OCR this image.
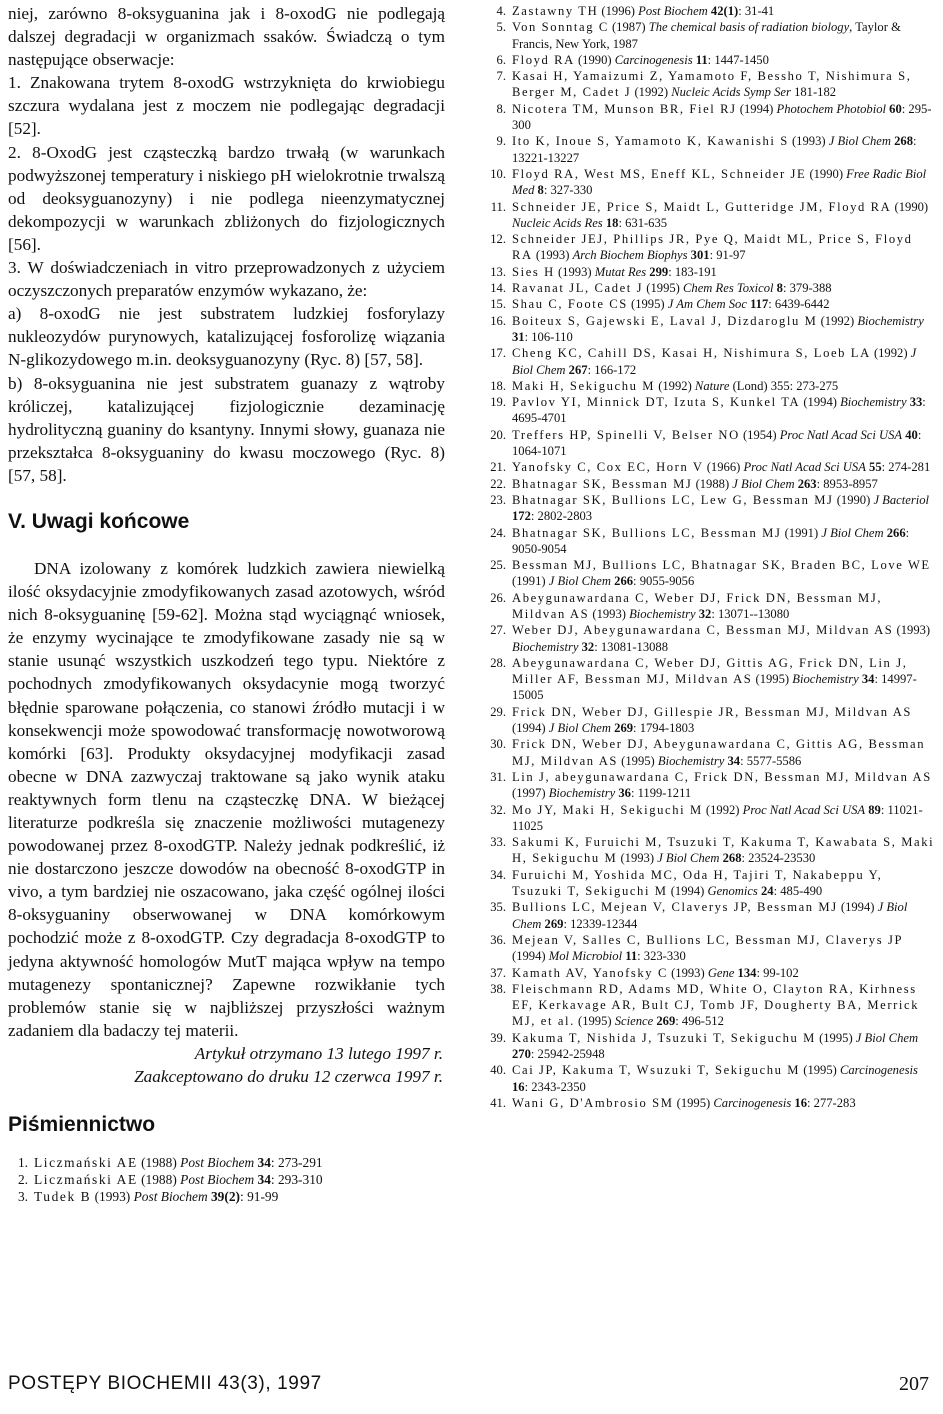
niej, zarówno 8-oksyguanina jak i 8-oxodG nie podlegają dalszej degradacji w organizmach ssaków. Świadczą o tym następujące obserwacje:

1. Znakowana trytem 8-oxodG wstrzyknięta do krwiobiegu szczura wydalana jest z moczem nie podlegając degradacji [52].

2. 8-OxodG jest cząsteczką bardzo trwałą (w warunkach podwyższonej temperatury i niskiego pH wielokrotnie trwalszą od deoksyguanozyny) i nie podlega nieenzymatycznej dekompozycji w warunkach zbliżonych do fizjologicznych [56].

3. W doświadczeniach in vitro przeprowadzonych z użyciem oczyszczonych preparatów enzymów wykazano, że:

a) 8-oxodG nie jest substratem ludzkiej fosforylazy nukleozydów purynowych, katalizującej fosforolizę wiązania N-glikozydowego m.in. deoksyguanozyny (Ryc. 8) [57, 58].

b) 8-oksyguanina nie jest substratem guanazy z wątroby króliczej, katalizującej fizjologicznie dezaminację hydrolityczną guaniny do ksantyny. Innymi słowy, guanaza nie przekształca 8-oksyguaniny do kwasu moczowego (Ryc. 8) [57, 58].

V. Uwagi końcowe

DNA izolowany z komórek ludzkich zawiera niewielką ilość oksydacyjnie zmodyfikowanych zasad azotowych, wśród nich 8-oksyguaninę [59-62]. Można stąd wyciągnąć wniosek, że enzymy wycinające te zmodyfikowane zasady nie są w stanie usunąć wszystkich uszkodzeń tego typu. Niektóre z pochodnych zmodyfikowanych oksydacynie mogą tworzyć błędnie sparowane połączenia, co stanowi źródło mutacji i w konsekwencji może spowodować transformację nowotworową komórki [63]. Produkty oksydacyjnej modyfikacji zasad obecne w DNA zazwyczaj traktowane są jako wynik ataku reaktywnych form tlenu na cząsteczkę DNA. W bieżącej literaturze podkreśla się znaczenie możliwości mutagenezy powodowanej przez 8-oxodGTP. Należy jednak podkreślić, iż nie dostarczono jeszcze dowodów na obecność 8-oxodGTP in vivo, a tym bardziej nie oszacowano, jaka część ogólnej ilości 8-oksyguaniny obserwowanej w DNA komórkowym pochodzić może z 8-oxodGTP. Czy degradacja 8-oxodGTP to jedyna aktywność homologów MutT mająca wpływ na tempo mutagenezy spontanicznej? Zapewne rozwikłanie tych problemów stanie się w najbliższej przyszłości ważnym zadaniem dla badaczy tej materii.

Artykuł otrzymano 13 lutego 1997 r.

Zaakceptowano do druku 12 czerwca 1997 r.

Piśmiennictwo
1. Liczmański AE (1988) Post Biochem 34: 273-291
2. Liczmański AE (1988) Post Biochem 34: 293-310
3. Tudek B (1993) Post Biochem 39(2): 91-99
4. Zastawny TH (1996) Post Biochem 42(1): 31-41
5. Von Sonntag C (1987) The chemical basis of radiation biology, Taylor & Francis, New York, 1987
6. Floyd RA (1990) Carcinogenesis 11: 1447-1450
7. Kasai H, Yamaizumi Z, Yamamoto F, Bessho T, Nishimura S, Berger M, Cadet J (1992) Nucleic Acids Symp Ser 181-182
8. Nicotera TM, Munson BR, Fiel RJ (1994) Photochem Photobiol 60: 295-300
9. Ito K, Inoue S, Yamamoto K, Kawanishi S (1993) J Biol Chem 268: 13221-13227
10. Floyd RA, West MS, Eneff KL, Schneider JE (1990) Free Radic Biol Med 8: 327-330
11. Schneider JE, Price S, Maidt L, Gutteridge JM, Floyd RA (1990) Nucleic Acids Res 18: 631-635
12. Schneider JEJ, Phillips JR, Pye Q, Maidt ML, Price S, Floyd RA (1993) Arch Biochem Biophys 301: 91-97
13. Sies H (1993) Mutat Res 299: 183-191
14. Ravanat JL, Cadet J (1995) Chem Res Toxicol 8: 379-388
15. Shau C, Foote CS (1995) J Am Chem Soc 117: 6439-6442
16. Boiteux S, Gajewski E, Laval J, Dizdaroglu M (1992) Biochemistry 31: 106-110
17. Cheng KC, Cahill DS, Kasai H, Nishimura S, Loeb LA (1992) J Biol Chem 267: 166-172
18. Maki H, Sekiguchu M (1992) Nature (Lond) 355: 273-275
19. Pavlov YI, Minnick DT, Izuta S, Kunkel TA (1994) Biochemistry 33: 4695-4701
20. Treffers HP, Spinelli V, Belser NO (1954) Proc Natl Acad Sci USA 40: 1064-1071
21. Yanofsky C, Cox EC, Horn V (1966) Proc Natl Acad Sci USA 55: 274-281
22. Bhatnagar SK, Bessman MJ (1988) J Biol Chem 263: 8953-8957
23. Bhatnagar SK, Bullions LC, Lew G, Bessman MJ (1990) J Bacteriol 172: 2802-2803
24. Bhatnagar SK, Bullions LC, Bessman MJ (1991) J Biol Chem 266: 9050-9054
25. Bessman MJ, Bullions LC, Bhatnagar SK, Braden BC, Love WE (1991) J Biol Chem 266: 9055-9056
26. Abeygunawardana C, Weber DJ, Frick DN, Bessman MJ, Mildvan AS (1993) Biochemistry 32: 13071--13080
27. Weber DJ, Abeygunawardana C, Bessman MJ, Mildvan AS (1993) Biochemistry 32: 13081-13088
28. Abeygunawardana C, Weber DJ, Gittis AG, Frick DN, Lin J, Miller AF, Bessman MJ, Mildvan AS (1995) Biochemistry 34: 14997-15005
29. Frick DN, Weber DJ, Gillespie JR, Bessman MJ, Mildvan AS (1994) J Biol Chem 269: 1794-1803
30. Frick DN, Weber DJ, Abeygunawardana C, Gittis AG, Bessman MJ, Mildvan AS (1995) Biochemistry 34: 5577-5586
31. Lin J, abeygunawardana C, Frick DN, Bessman MJ, Mildvan AS (1997) Biochemistry 36: 1199-1211
32. Mo JY, Maki H, Sekiguchi M (1992) Proc Natl Acad Sci USA 89: 11021-11025
33. Sakumi K, Furuichi M, Tsuzuki T, Kakuma T, Kawabata S, Maki H, Sekiguchu M (1993) J Biol Chem 268: 23524-23530
34. Furuichi M, Yoshida MC, Oda H, Tajiri T, Nakabeppu Y, Tsuzuki T, Sekiguchi M (1994) Genomics 24: 485-490
35. Bullions LC, Mejean V, Claverys JP, Bessman MJ (1994) J Biol Chem 269: 12339-12344
36. Mejean V, Salles C, Bullions LC, Bessman MJ, Claverys JP (1994) Mol Microbiol 11: 323-330
37. Kamath AV, Yanofsky C (1993) Gene 134: 99-102
38. Fleischmann RD, Adams MD, White O, Clayton RA, Kirhness EF, Kerkavage AR, Bult CJ, Tomb JF, Dougherty BA, Merrick MJ, et al. (1995) Science 269: 496-512
39. Kakuma T, Nishida J, Tsuzuki T, Sekiguchu M (1995) J Biol Chem 270: 25942-25948
40. Cai JP, Kakuma T, Wsuzuki T, Sekiguchu M (1995) Carcinogenesis 16: 2343-2350
41. Wani G, D'Ambrosio SM (1995) Carcinogenesis 16: 277-283
POSTĘPY BIOCHEMII 43(3), 1997	207
